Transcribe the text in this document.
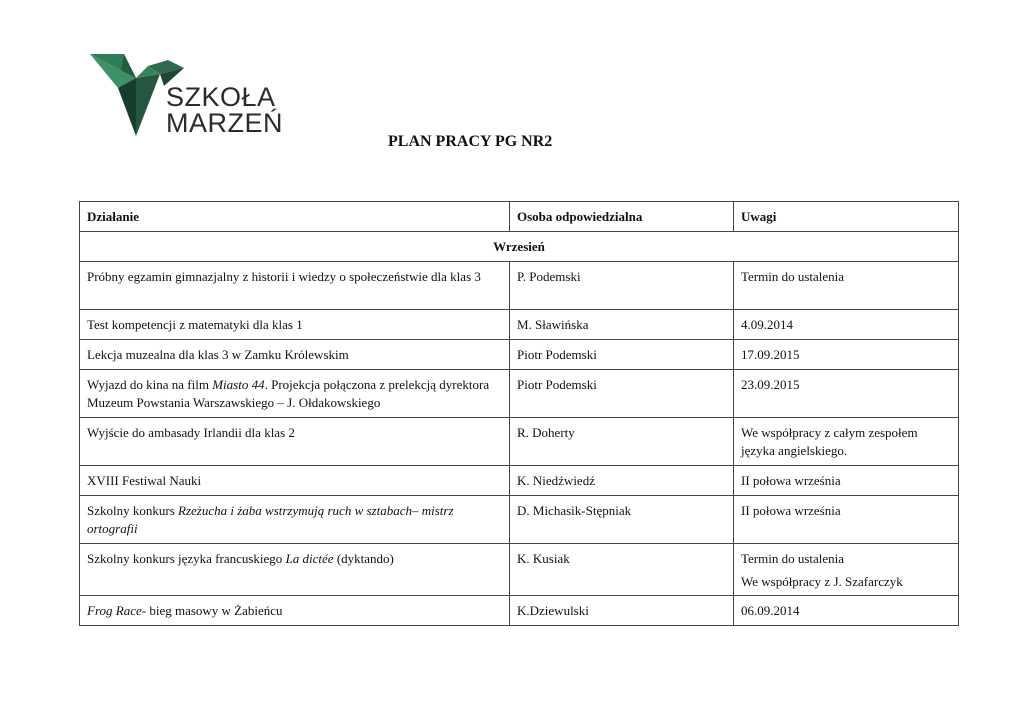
SZKOŁA
MARZEŃ
PLAN PRACY PG NR2
Działanie	Osoba odpowiedzialna	Uwagi
Wrzesień		
Próbny egzamin gimnazjalny z historii i wiedzy o społeczeństwie dla klas 3	P. Podemski	Termin do ustalenia
Test kompetencji z matematyki dla klas 1	M. Sławińska	4.09.2014
Lekcja muzealna dla klas 3 w Zamku Królewskim	Piotr Podemski	17.09.2015
Wyjazd do kina na film Miasto 44. Projekcja połączona z prelekcją dyrektora Muzeum Powstania Warszawskiego – J. Ołdakowskiego	Piotr Podemski	23.09.2015
Wyjście do ambasady Irlandii dla klas 2	R. Doherty	We współpracy z całym zespołem języka angielskiego.
XVIII Festiwal Nauki	K. Niedźwiedź	II połowa września
Szkolny konkurs Rzeżucha i żaba wstrzymują ruch w sztabach– mistrz ortografii	D. Michasik-Stępniak	II połowa września
Szkolny konkurs języka francuskiego La dictée (dyktando)	K. Kusiak	Termin do ustalenia
We współpracy z J. Szafarczyk

Frog Race- bieg masowy w Żabieńcu	K.Dziewulski	06.09.2014
